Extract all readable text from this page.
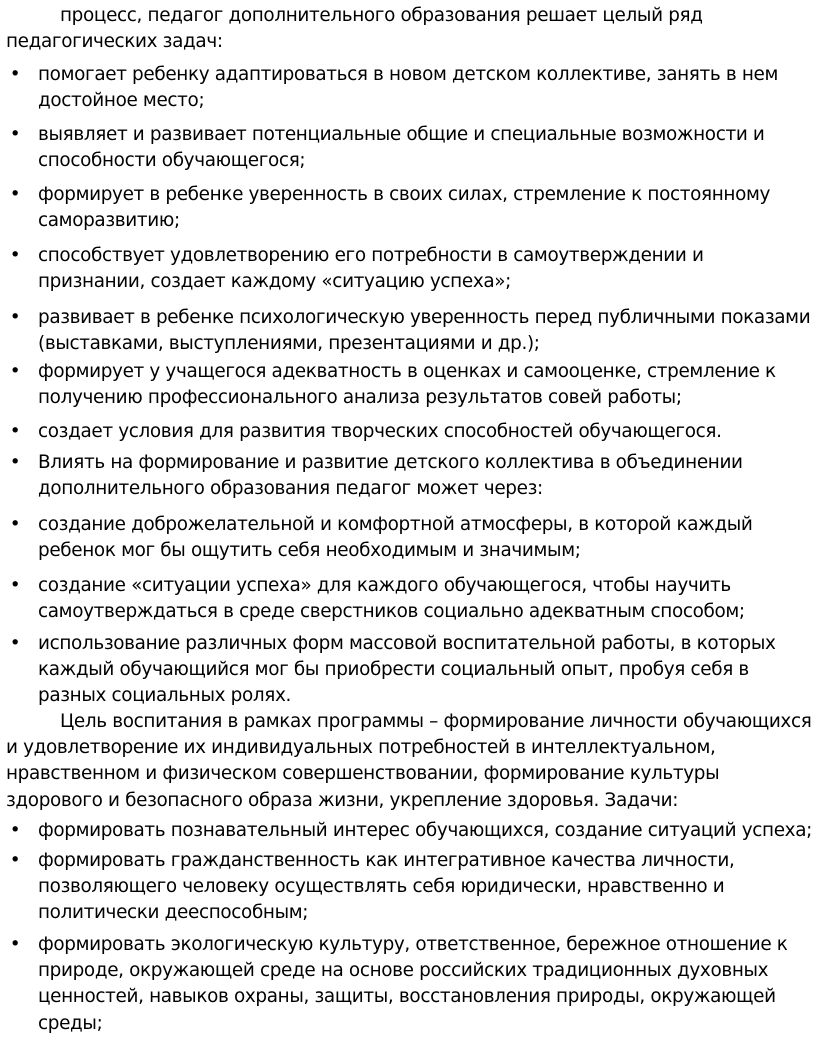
процесс, педагог дополнительного образования решает целый ряд педагогических задач:

• помогает ребенку адаптироваться в новом детском коллективе, занять в нем достойное место;
• выявляет и развивает потенциальные общие и специальные возможности и способности обучающегося;
• формирует в ребенке уверенность в своих силах, стремление к постоянному саморазвитию;
• способствует удовлетворению его потребности в самоутверждении и признании, создает каждому «ситуацию успеха»;
• развивает в ребенке психологическую уверенность перед публичными показами (выставками, выступлениями, презентациями и др.);
• формирует у учащегося адекватность в оценках и самооценке, стремление к получению профессионального анализа результатов совей работы;
• создает условия для развития творческих способностей обучающегося.
• Влиять на формирование и развитие детского коллектива в объединении дополнительного образования педагог может через:
• создание доброжелательной и комфортной атмосферы, в которой каждый ребенок мог бы ощутить себя необходимым и значимым;
• создание «ситуации успеха» для каждого обучающегося, чтобы научить самоутверждаться в среде сверстников социально адекватным способом;
• использование различных форм массовой воспитательной работы, в которых каждый обучающийся мог бы приобрести социальный опыт, пробуя себя в разных социальных ролях.

Цель воспитания в рамках программы – формирование личности обучающихся и удовлетворение их индивидуальных потребностей в интеллектуальном, нравственном и физическом совершенствовании, формирование культуры здорового и безопасного образа жизни, укрепление здоровья. Задачи:

• формировать познавательный интерес обучающихся, создание ситуаций успеха;
• формировать гражданственность как интегративное качества личности, позволяющего человеку осуществлять себя юридически, нравственно и политически дееспособным;
• формировать экологическую культуру, ответственное, бережное отношение к природе, окружающей среде на основе российских традиционных духовных ценностей, навыков охраны, защиты, восстановления природы, окружающей среды;
